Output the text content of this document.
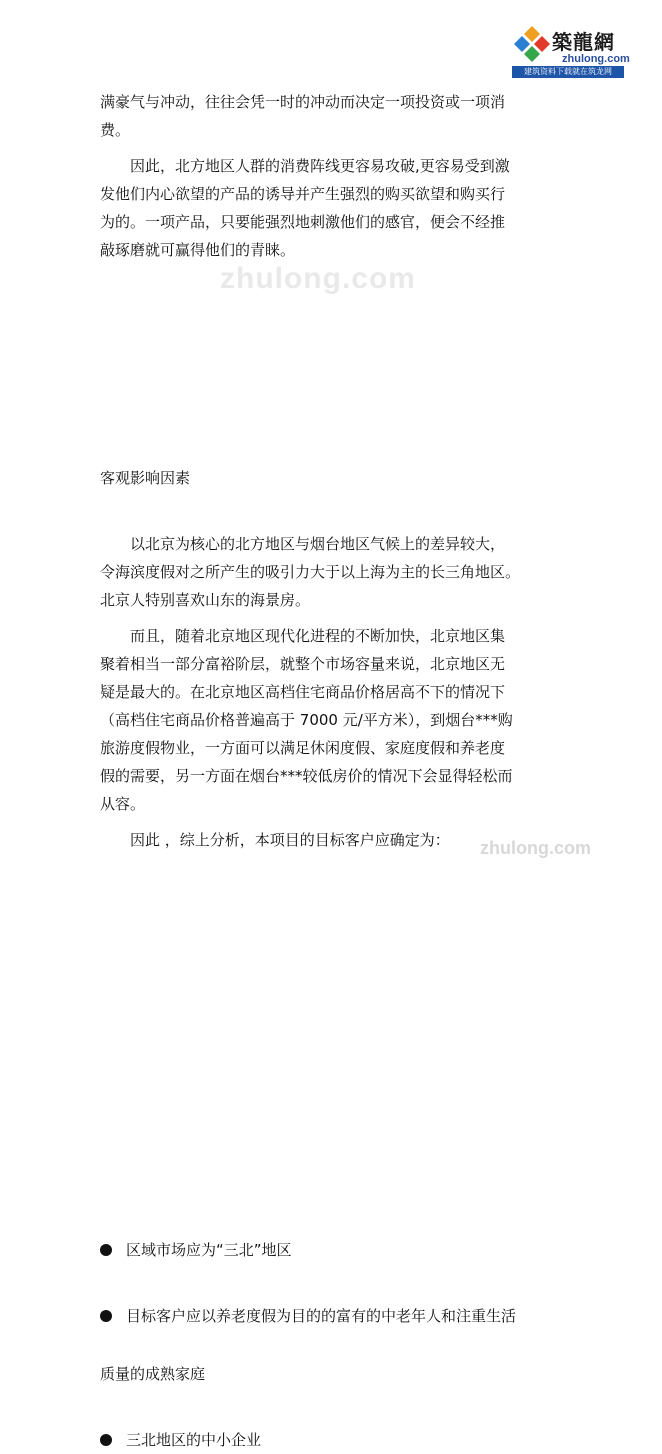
築龍網
zhulong.com
建筑资料下载就在筑龙网
zhulong.com
zhulong.com

满豪气与冲动，往往会凭一时的冲动而决定一项投资或一项消

费。

因此，北方地区人群的消费阵线更容易攻破,更容易受到激

发他们内心欲望的产品的诱导并产生强烈的购买欲望和购买行

为的。一项产品，只要能强烈地刺激他们的感官，便会不经推

敲琢磨就可赢得他们的青睐。

客观影响因素

以北京为核心的北方地区与烟台地区气候上的差异较大，

令海滨度假对之所产生的吸引力大于以上海为主的长三角地区。

北京人特别喜欢山东的海景房。

而且，随着北京地区现代化进程的不断加快，北京地区集

聚着相当一部分富裕阶层，就整个市场容量来说，北京地区无

疑是最大的。在北京地区高档住宅商品价格居高不下的情况下

（高档住宅商品价格普遍高于 7000 元/平方米），到烟台***购

旅游度假物业，一方面可以满足休闲度假、家庭度假和养老度

假的需要，另一方面在烟台***较低房价的情况下会显得轻松而

从容。

因此 ，综上分析，本项目的目标客户应确定为：

区域市场应为“三北”地区
目标客户应以养老度假为目的的富有的中老年人和注重生活
质量的成熟家庭
三北地区的中小企业
